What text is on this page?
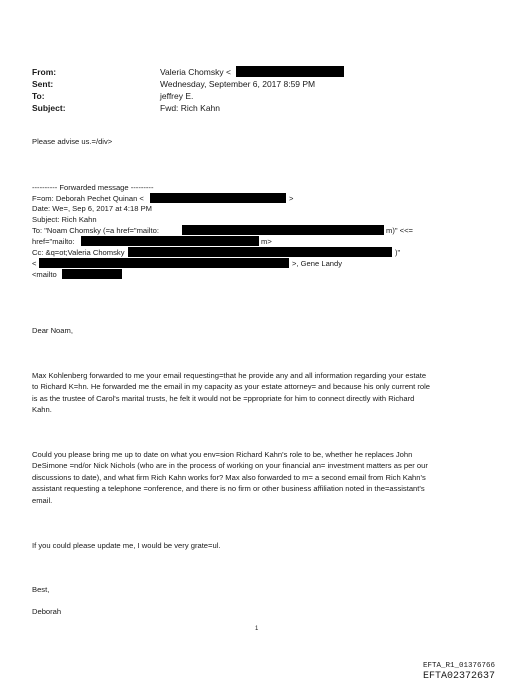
From:	Valeria Chomsky <
Sent:	Wednesday, September 6, 2017 8:59 PM
To:	jeffrey E.
Subject:	Fwd: Rich Kahn
Please advise us.=/div>
---------- Forwarded message ---------
F=om: Deborah Pechet Quinan <	>
Date: We=, Sep 6, 2017 at 4:18 PM
Subject: Rich Kahn
To: "Noam Chomsky (=a href="mailto:	m)" <<=
href="mailto:	m>
Cc: &q=ot;Valeria Chomsky	)"
<	>, Gene Landy
<mailto
Dear Noam,
Max Kohlenberg forwarded to me your email requesting=that he provide any and all information regarding your estate
to Richard K=hn. He forwarded me the email in my capacity as your estate attorney= and because his only current role
is as the trustee of Carol's marital trusts, he felt it would not be =ppropriate for him to connect directly with Richard
Kahn.
Could you please bring me up to date on what you env=sion Richard Kahn's role to be, whether he replaces John
DeSimone =nd/or Nick Nichols (who are in the process of working on your financial an= investment matters as per our
discussions to date), and what firm Rich Kahn works for? Max also forwarded to m= a second email from Rich Kahn's
assistant requesting a telephone =onference, and there is no firm or other business affiliation noted in the=assistant's
email.
If you could please update me, I would be very grate=ul.
Best,
Deborah
1
EFTA_R1_01376766
EFTA02372637
